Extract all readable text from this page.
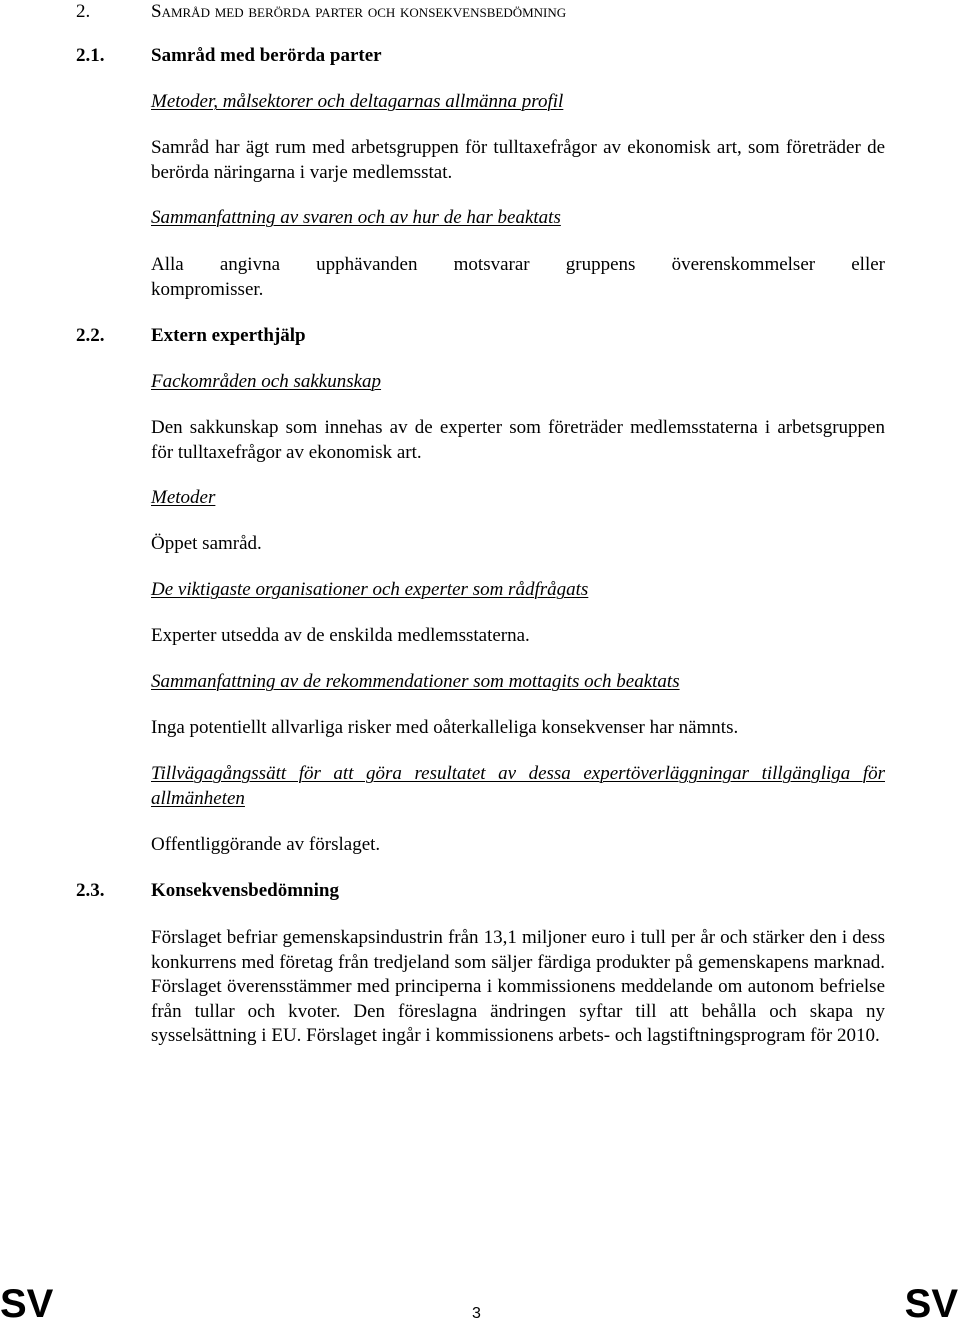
2.	Samråd med berörda parter och konsekvensbedömning
2.1. Samråd med berörda parter
Metoder, målsektorer och deltagarnas allmänna profil

Samråd har ägt rum med arbetsgruppen för tulltaxefrågor av ekonomisk art, som företräder de berörda näringarna i varje medlemsstat.

Sammanfattning av svaren och av hur de har beaktats
Alla angivna upphävanden motsvarar gruppens överenskommelser eller
kompromisser.
2.2. Extern experthjälp
Fackområden och sakkunskap

Den sakkunskap som innehas av de experter som företräder medlemsstaterna i arbetsgruppen för tulltaxefrågor av ekonomisk art.

Metoder
Öppet samråd.
De viktigaste organisationer och experter som rådfrågats
Experter utsedda av de enskilda medlemsstaterna.
Sammanfattning av de rekommendationer som mottagits och beaktats
Inga potentiellt allvarliga risker med oåterkalleliga konsekvenser har nämnts.

Tillvägagångssätt för att göra resultatet av dessa expertöverläggningar tillgängliga för allmänheten

Offentliggörande av förslaget.
2.3. Konsekvensbedömning

Förslaget befriar gemenskapsindustrin från 13,1 miljoner euro i tull per år och stärker den i dess konkurrens med företag från tredjeland som säljer färdiga produkter på gemenskapens marknad. Förslaget överensstämmer med principerna i kommissionens meddelande om autonom befrielse från tullar och kvoter. Den föreslagna ändringen syftar till att behålla och skapa ny sysselsättning i EU. Förslaget ingår i kommissionens arbets- och lagstiftningsprogram för 2010.

SV	3	SV
